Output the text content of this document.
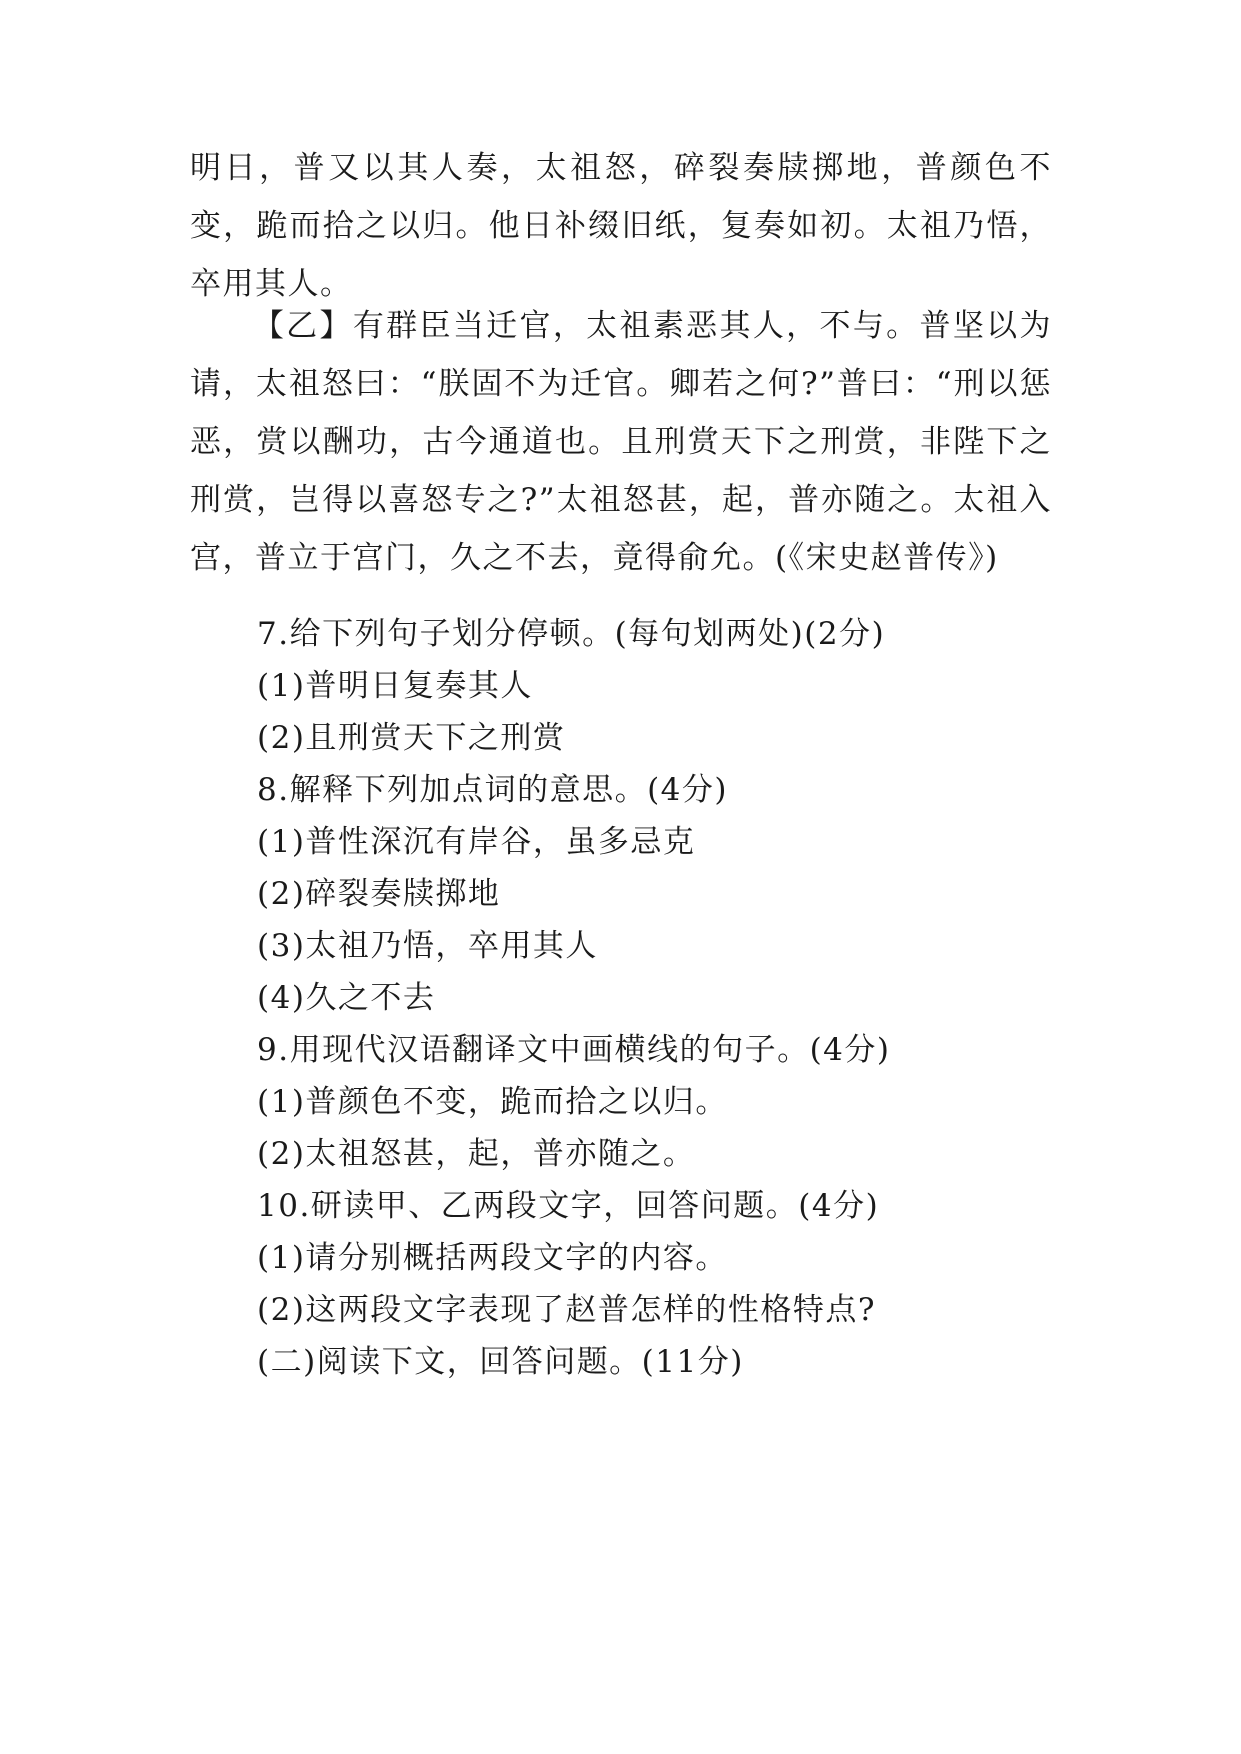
明日，普又以其人奏，太祖怒，碎裂奏牍掷地，普颜色不变，跪而拾之以归。他日补缀旧纸，复奏如初。太祖乃悟，卒用其人。

【乙】有群臣当迁官，太祖素恶其人，不与。普坚以为请，太祖怒曰：“朕固不为迁官。卿若之何?”普曰：“刑以惩恶，赏以酬功，古今通道也。且刑赏天下之刑赏，非陛下之刑赏，岂得以喜怒专之?”太祖怒甚，起，普亦随之。太祖入宫，普立于宫门，久之不去，竟得俞允。(《宋史赵普传》)

7.给下列句子划分停顿。(每句划两处)(2分)

(1)普明日复奏其人

(2)且刑赏天下之刑赏

8.解释下列加点词的意思。(4分)

(1)普性深沉有岸谷，虽多忌克

(2)碎裂奏牍掷地

(3)太祖乃悟，卒用其人

(4)久之不去

9.用现代汉语翻译文中画横线的句子。(4分)

(1)普颜色不变，跪而拾之以归。

(2)太祖怒甚，起，普亦随之。

10.研读甲、乙两段文字，回答问题。(4分)

(1)请分别概括两段文字的内容。

(2)这两段文字表现了赵普怎样的性格特点?

(二)阅读下文，回答问题。(11分)
